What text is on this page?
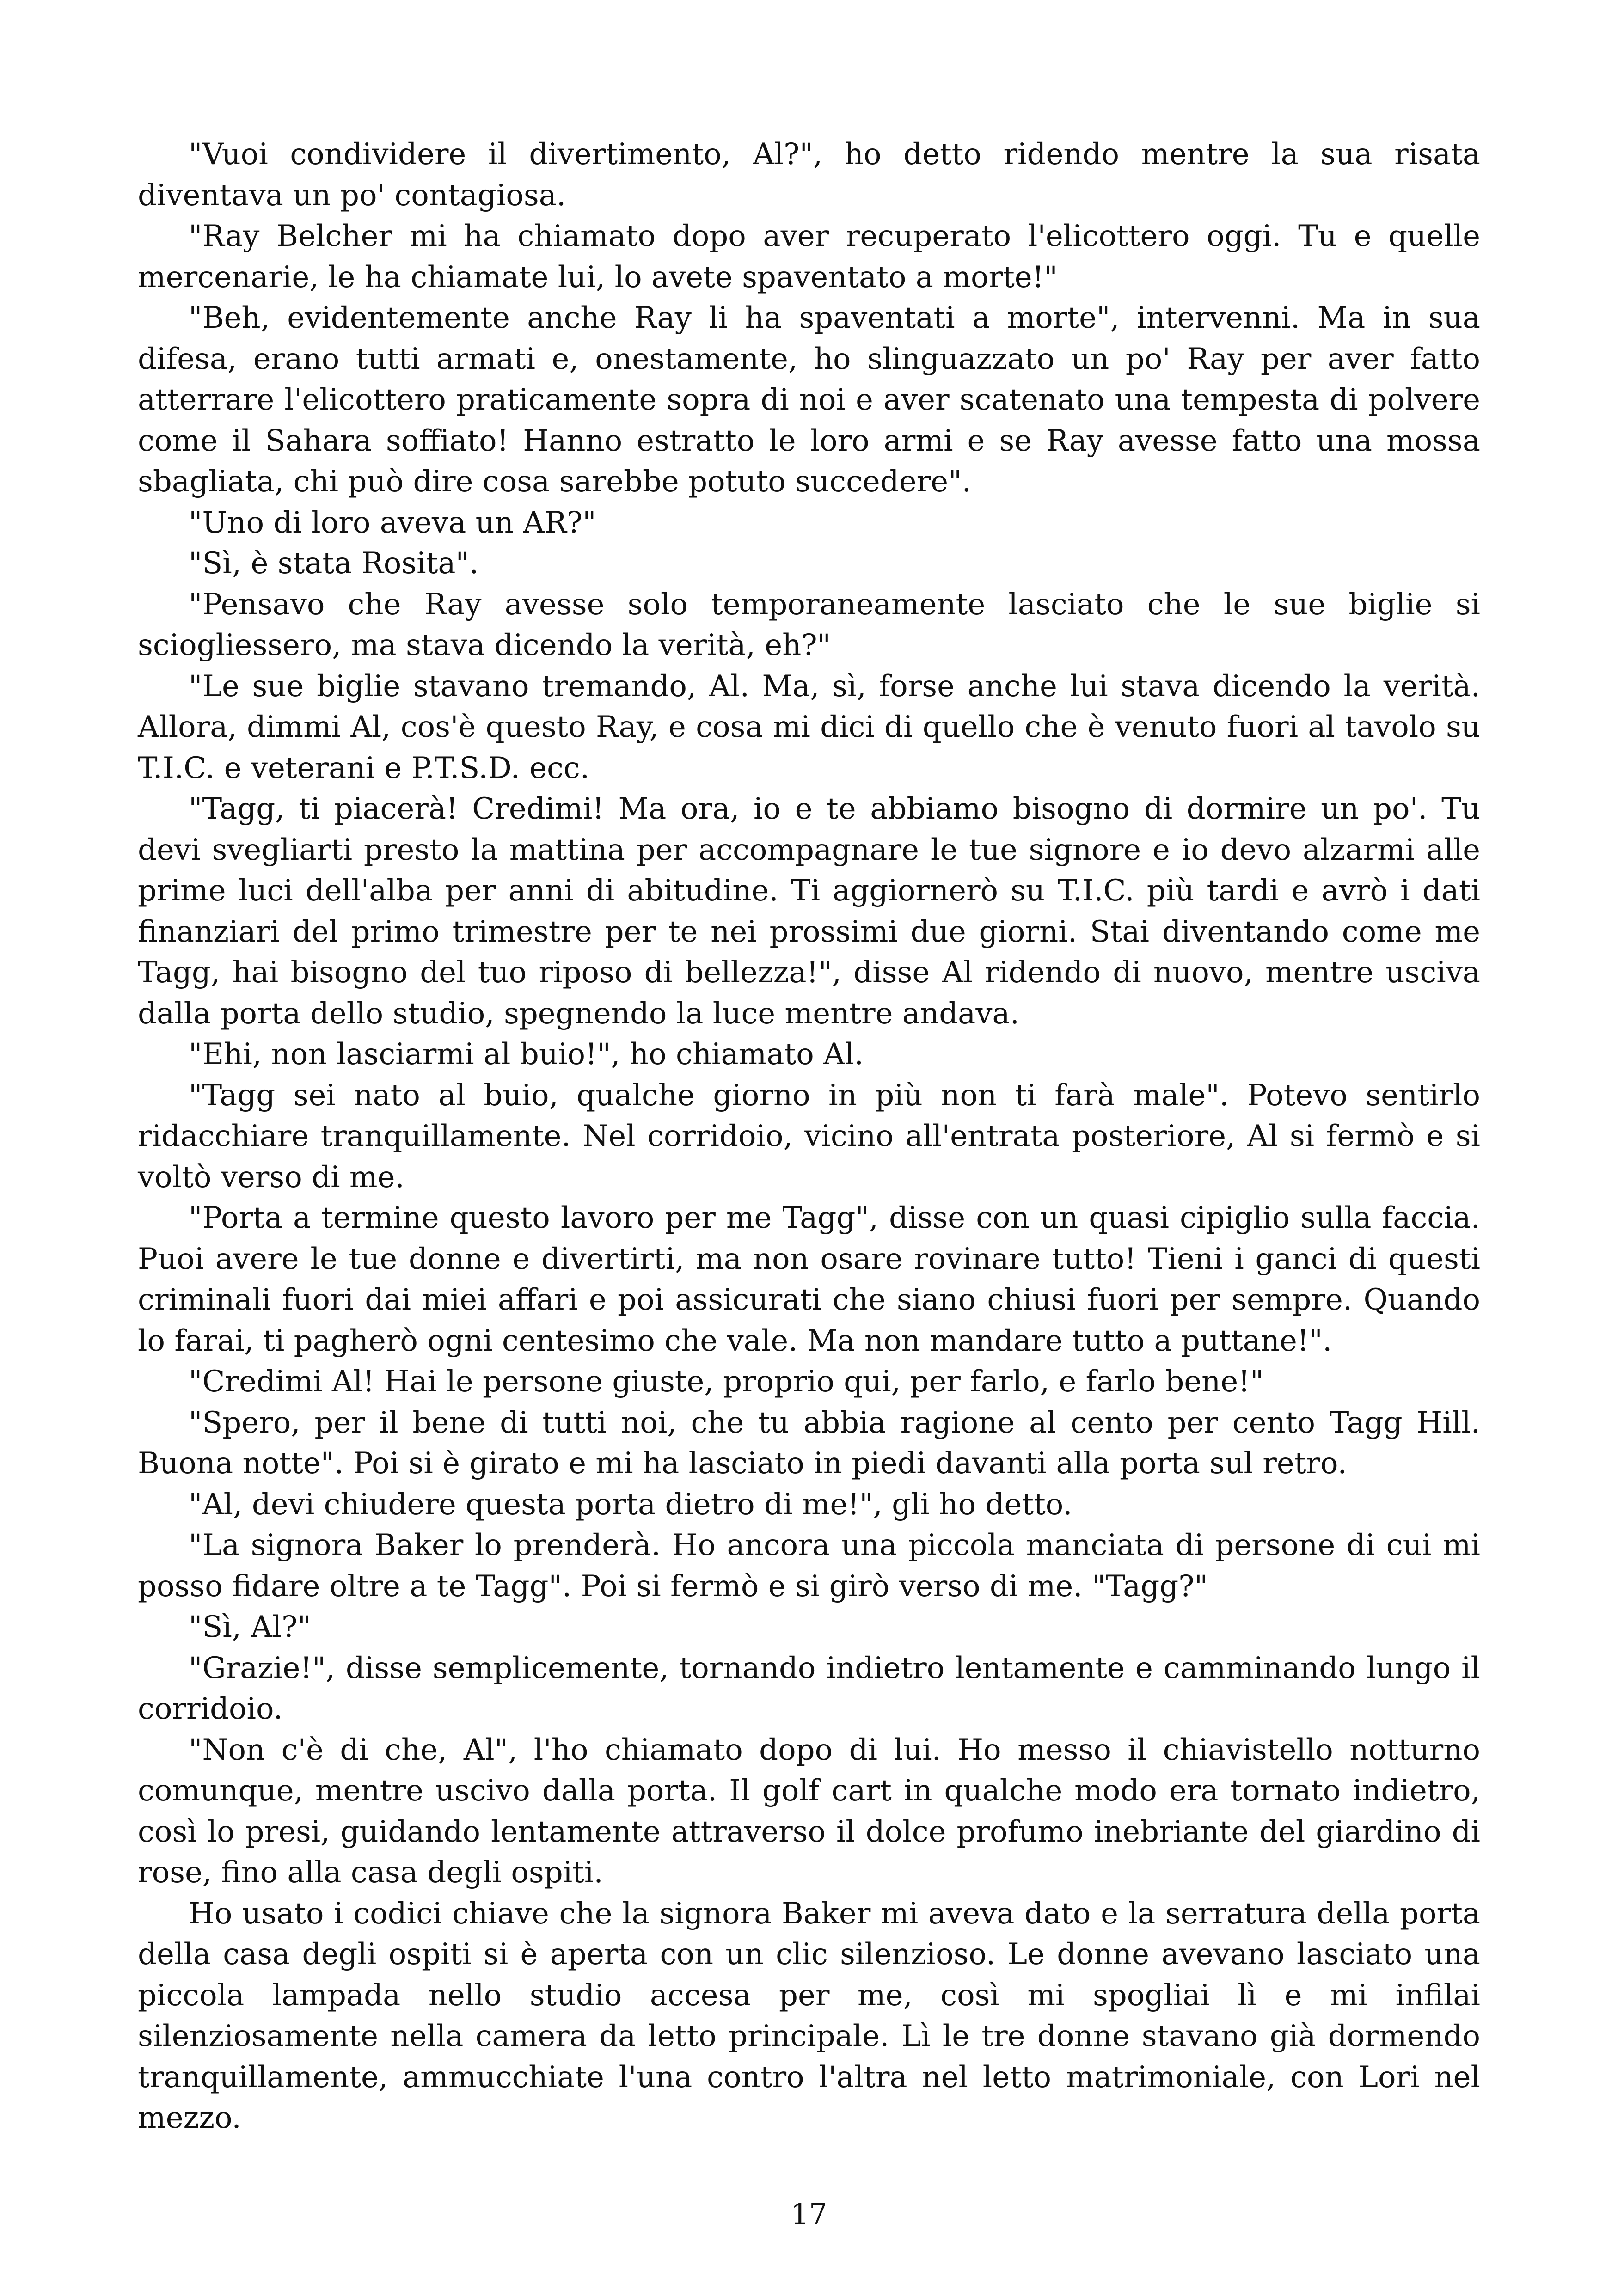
"Vuoi condividere il divertimento, Al?", ho detto ridendo mentre la sua risata diventava un po' contagiosa.

"Ray Belcher mi ha chiamato dopo aver recuperato l'elicottero oggi. Tu e quelle mercenarie, le ha chiamate lui, lo avete spaventato a morte!"

"Beh, evidentemente anche Ray li ha spaventati a morte", intervenni. Ma in sua difesa, erano tutti armati e, onestamente, ho slinguazzato un po' Ray per aver fatto atterrare l'elicottero praticamente sopra di noi e aver scatenato una tempesta di polvere come il Sahara soffiato! Hanno estratto le loro armi e se Ray avesse fatto una mossa sbagliata, chi può dire cosa sarebbe potuto succedere".

"Uno di loro aveva un AR?"

"Sì, è stata Rosita".

"Pensavo che Ray avesse solo temporaneamente lasciato che le sue biglie si sciogliessero, ma stava dicendo la verità, eh?"

"Le sue biglie stavano tremando, Al. Ma, sì, forse anche lui stava dicendo la verità. Allora, dimmi Al, cos'è questo Ray, e cosa mi dici di quello che è venuto fuori al tavolo su T.I.C. e veterani e P.T.S.D. ecc.

"Tagg, ti piacerà! Credimi! Ma ora, io e te abbiamo bisogno di dormire un po'. Tu devi svegliarti presto la mattina per accompagnare le tue signore e io devo alzarmi alle prime luci dell'alba per anni di abitudine. Ti aggiornerò su T.I.C. più tardi e avrò i dati finanziari del primo trimestre per te nei prossimi due giorni. Stai diventando come me Tagg, hai bisogno del tuo riposo di bellezza!", disse Al ridendo di nuovo, mentre usciva dalla porta dello studio, spegnendo la luce mentre andava.

"Ehi, non lasciarmi al buio!", ho chiamato Al.

"Tagg sei nato al buio, qualche giorno in più non ti farà male". Potevo sentirlo ridacchiare tranquillamente. Nel corridoio, vicino all'entrata posteriore, Al si fermò e si voltò verso di me.

"Porta a termine questo lavoro per me Tagg", disse con un quasi cipiglio sulla faccia. Puoi avere le tue donne e divertirti, ma non osare rovinare tutto! Tieni i ganci di questi criminali fuori dai miei affari e poi assicurati che siano chiusi fuori per sempre. Quando lo farai, ti pagherò ogni centesimo che vale. Ma non mandare tutto a puttane!".

"Credimi Al! Hai le persone giuste, proprio qui, per farlo, e farlo bene!"

"Spero, per il bene di tutti noi, che tu abbia ragione al cento per cento Tagg Hill. Buona notte". Poi si è girato e mi ha lasciato in piedi davanti alla porta sul retro.

"Al, devi chiudere questa porta dietro di me!", gli ho detto.

"La signora Baker lo prenderà. Ho ancora una piccola manciata di persone di cui mi posso fidare oltre a te Tagg". Poi si fermò e si girò verso di me. "Tagg?"

"Sì, Al?"

"Grazie!", disse semplicemente, tornando indietro lentamente e camminando lungo il corridoio.

"Non c'è di che, Al", l'ho chiamato dopo di lui. Ho messo il chiavistello notturno comunque, mentre uscivo dalla porta. Il golf cart in qualche modo era tornato indietro, così lo presi, guidando lentamente attraverso il dolce profumo inebriante del giardino di rose, fino alla casa degli ospiti.

Ho usato i codici chiave che la signora Baker mi aveva dato e la serratura della porta della casa degli ospiti si è aperta con un clic silenzioso. Le donne avevano lasciato una piccola lampada nello studio accesa per me, così mi spogliai lì e mi infilai silenziosamente nella camera da letto principale. Lì le tre donne stavano già dormendo tranquillamente, ammucchiate l'una contro l'altra nel letto matrimoniale, con Lori nel mezzo.

17
